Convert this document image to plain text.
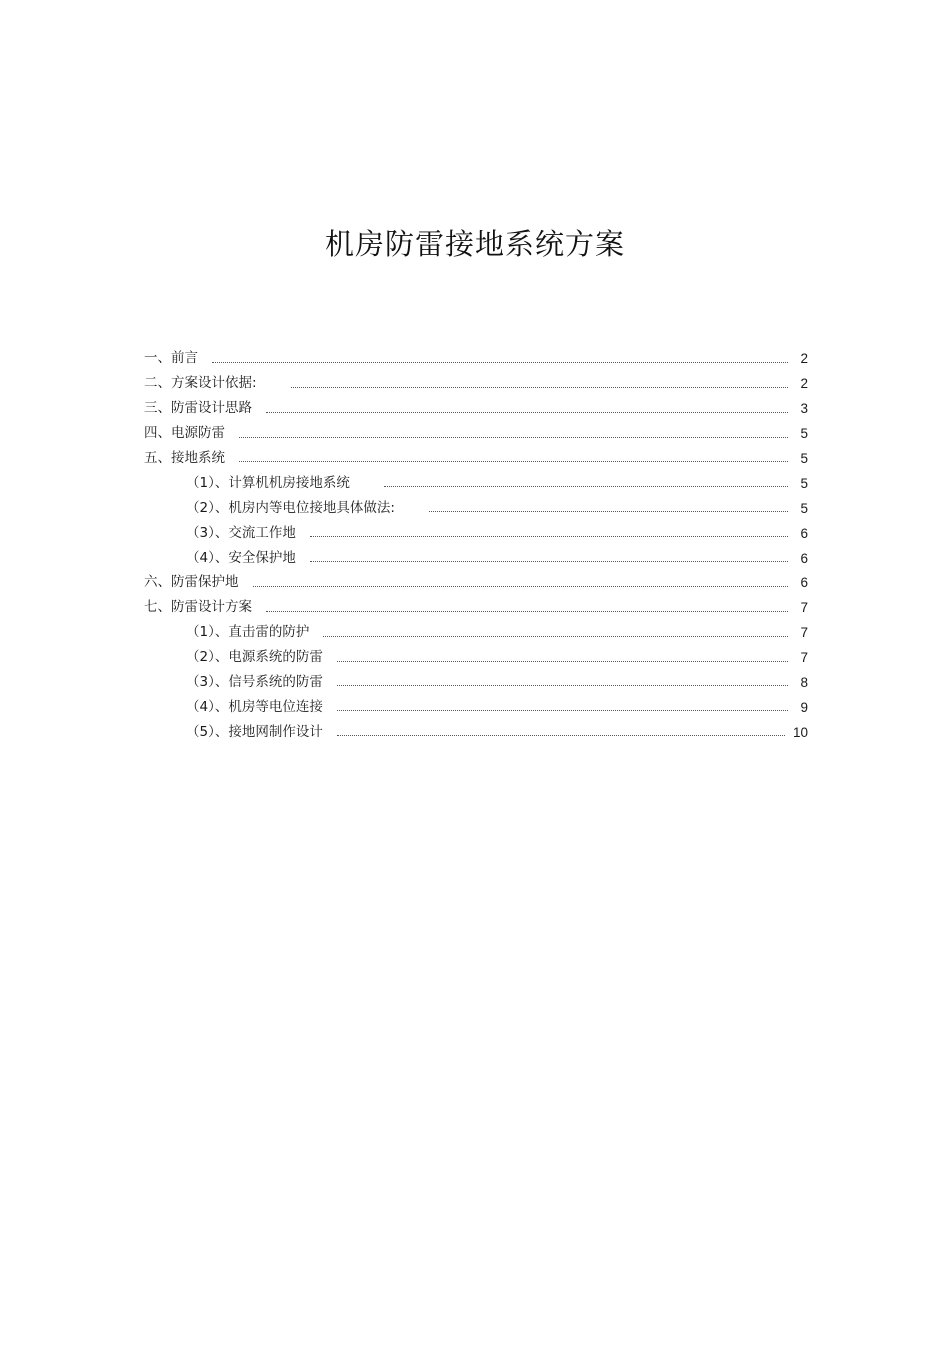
机房防雷接地系统方案
一、前言	2
二、方案设计依据:	2
三、防雷设计思路	3
四、电源防雷	5
五、接地系统	5
（1）、计算机机房接地系统	5
（2）、机房内等电位接地具体做法:	5
（3）、交流工作地	6
（4）、安全保护地	6
六、防雷保护地	6
七、防雷设计方案	7
（1）、直击雷的防护	7
（2）、电源系统的防雷	7
（3）、信号系统的防雷	8
（4）、机房等电位连接	9
（5）、接地网制作设计	10
